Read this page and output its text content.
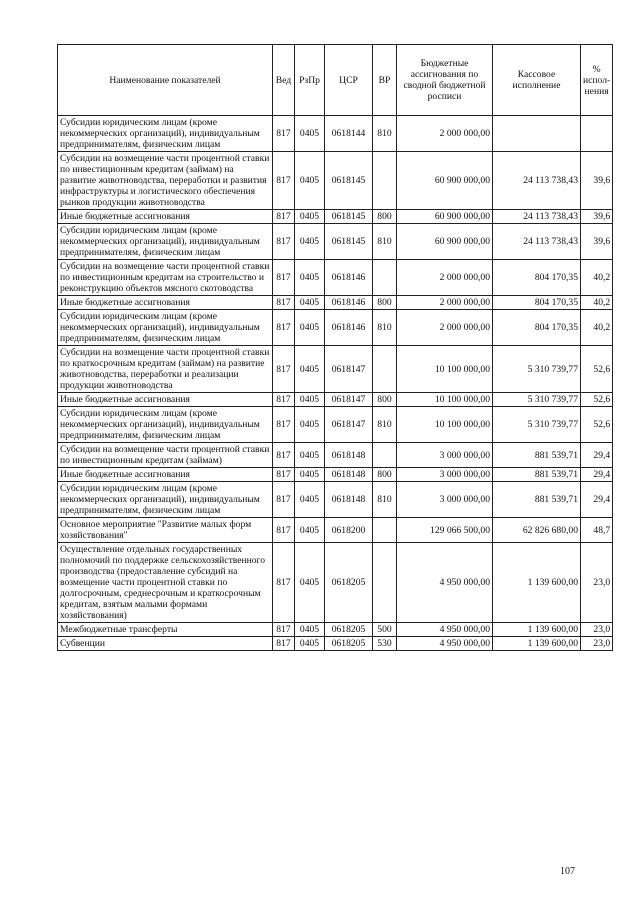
Наименование показателей	Вед	РзПр	ЦСР	ВР	Бюджетные ассигнования по сводной бюджетной росписи	Кассовое исполнение	% испол-нения
Субсидии юридическим лицам (кроме некоммерческих организаций), индивидуальным предпринимателям, физическим лицам	817	0405	0618144	810	2 000 000,00		
Субсидии на возмещение части процентной ставки по инвестиционным кредитам (займам) на развитие животноводства, переработки и развития инфраструктуры и логистического обеспечения рынков продукции животноводства	817	0405	0618145		60 900 000,00	24 113 738,43	39,6
Иные бюджетные ассигнования	817	0405	0618145	800	60 900 000,00	24 113 738,43	39,6
Субсидии юридическим лицам (кроме некоммерческих организаций), индивидуальным предпринимателям, физическим лицам	817	0405	0618145	810	60 900 000,00	24 113 738,43	39,6
Субсидии на возмещение части процентной ставки по инвестиционным кредитам на строительство и реконструкцию объектов мясного скотоводства	817	0405	0618146		2 000 000,00	804 170,35	40,2
Иные бюджетные ассигнования	817	0405	0618146	800	2 000 000,00	804 170,35	40,2
Субсидии юридическим лицам (кроме некоммерческих организаций), индивидуальным предпринимателям, физическим лицам	817	0405	0618146	810	2 000 000,00	804 170,35	40,2
Субсидии на возмещение части процентной ставки по краткосрочным кредитам (займам) на развитие животноводства, переработки и реализации продукции животноводства	817	0405	0618147		10 100 000,00	5 310 739,77	52,6
Иные бюджетные ассигнования	817	0405	0618147	800	10 100 000,00	5 310 739,77	52,6
Субсидии юридическим лицам (кроме некоммерческих организаций), индивидуальным предпринимателям, физическим лицам	817	0405	0618147	810	10 100 000,00	5 310 739,77	52,6
Субсидии на возмещение части процентной ставки по инвестиционным кредитам (займам)	817	0405	0618148		3 000 000,00	881 539,71	29,4
Иные бюджетные ассигнования	817	0405	0618148	800	3 000 000,00	881 539,71	29,4
Субсидии юридическим лицам (кроме некоммерческих организаций), индивидуальным предпринимателям, физическим лицам	817	0405	0618148	810	3 000 000,00	881 539,71	29,4
Основное мероприятие "Развитие малых форм хозяйствования"	817	0405	0618200		129 066 500,00	62 826 680,00	48,7
Осуществление отдельных государственных полномочий по поддержке сельскохозяйственного производства (предоставление субсидий на возмещение части процентной ставки по долгосрочным, среднесрочным и краткосрочным кредитам, взятым малыми формами хозяйствования)	817	0405	0618205		4 950 000,00	1 139 600,00	23,0
Межбюджетные трансферты	817	0405	0618205	500	4 950 000,00	1 139 600,00	23,0
Субвенции	817	0405	0618205	530	4 950 000,00	1 139 600,00	23,0
107
